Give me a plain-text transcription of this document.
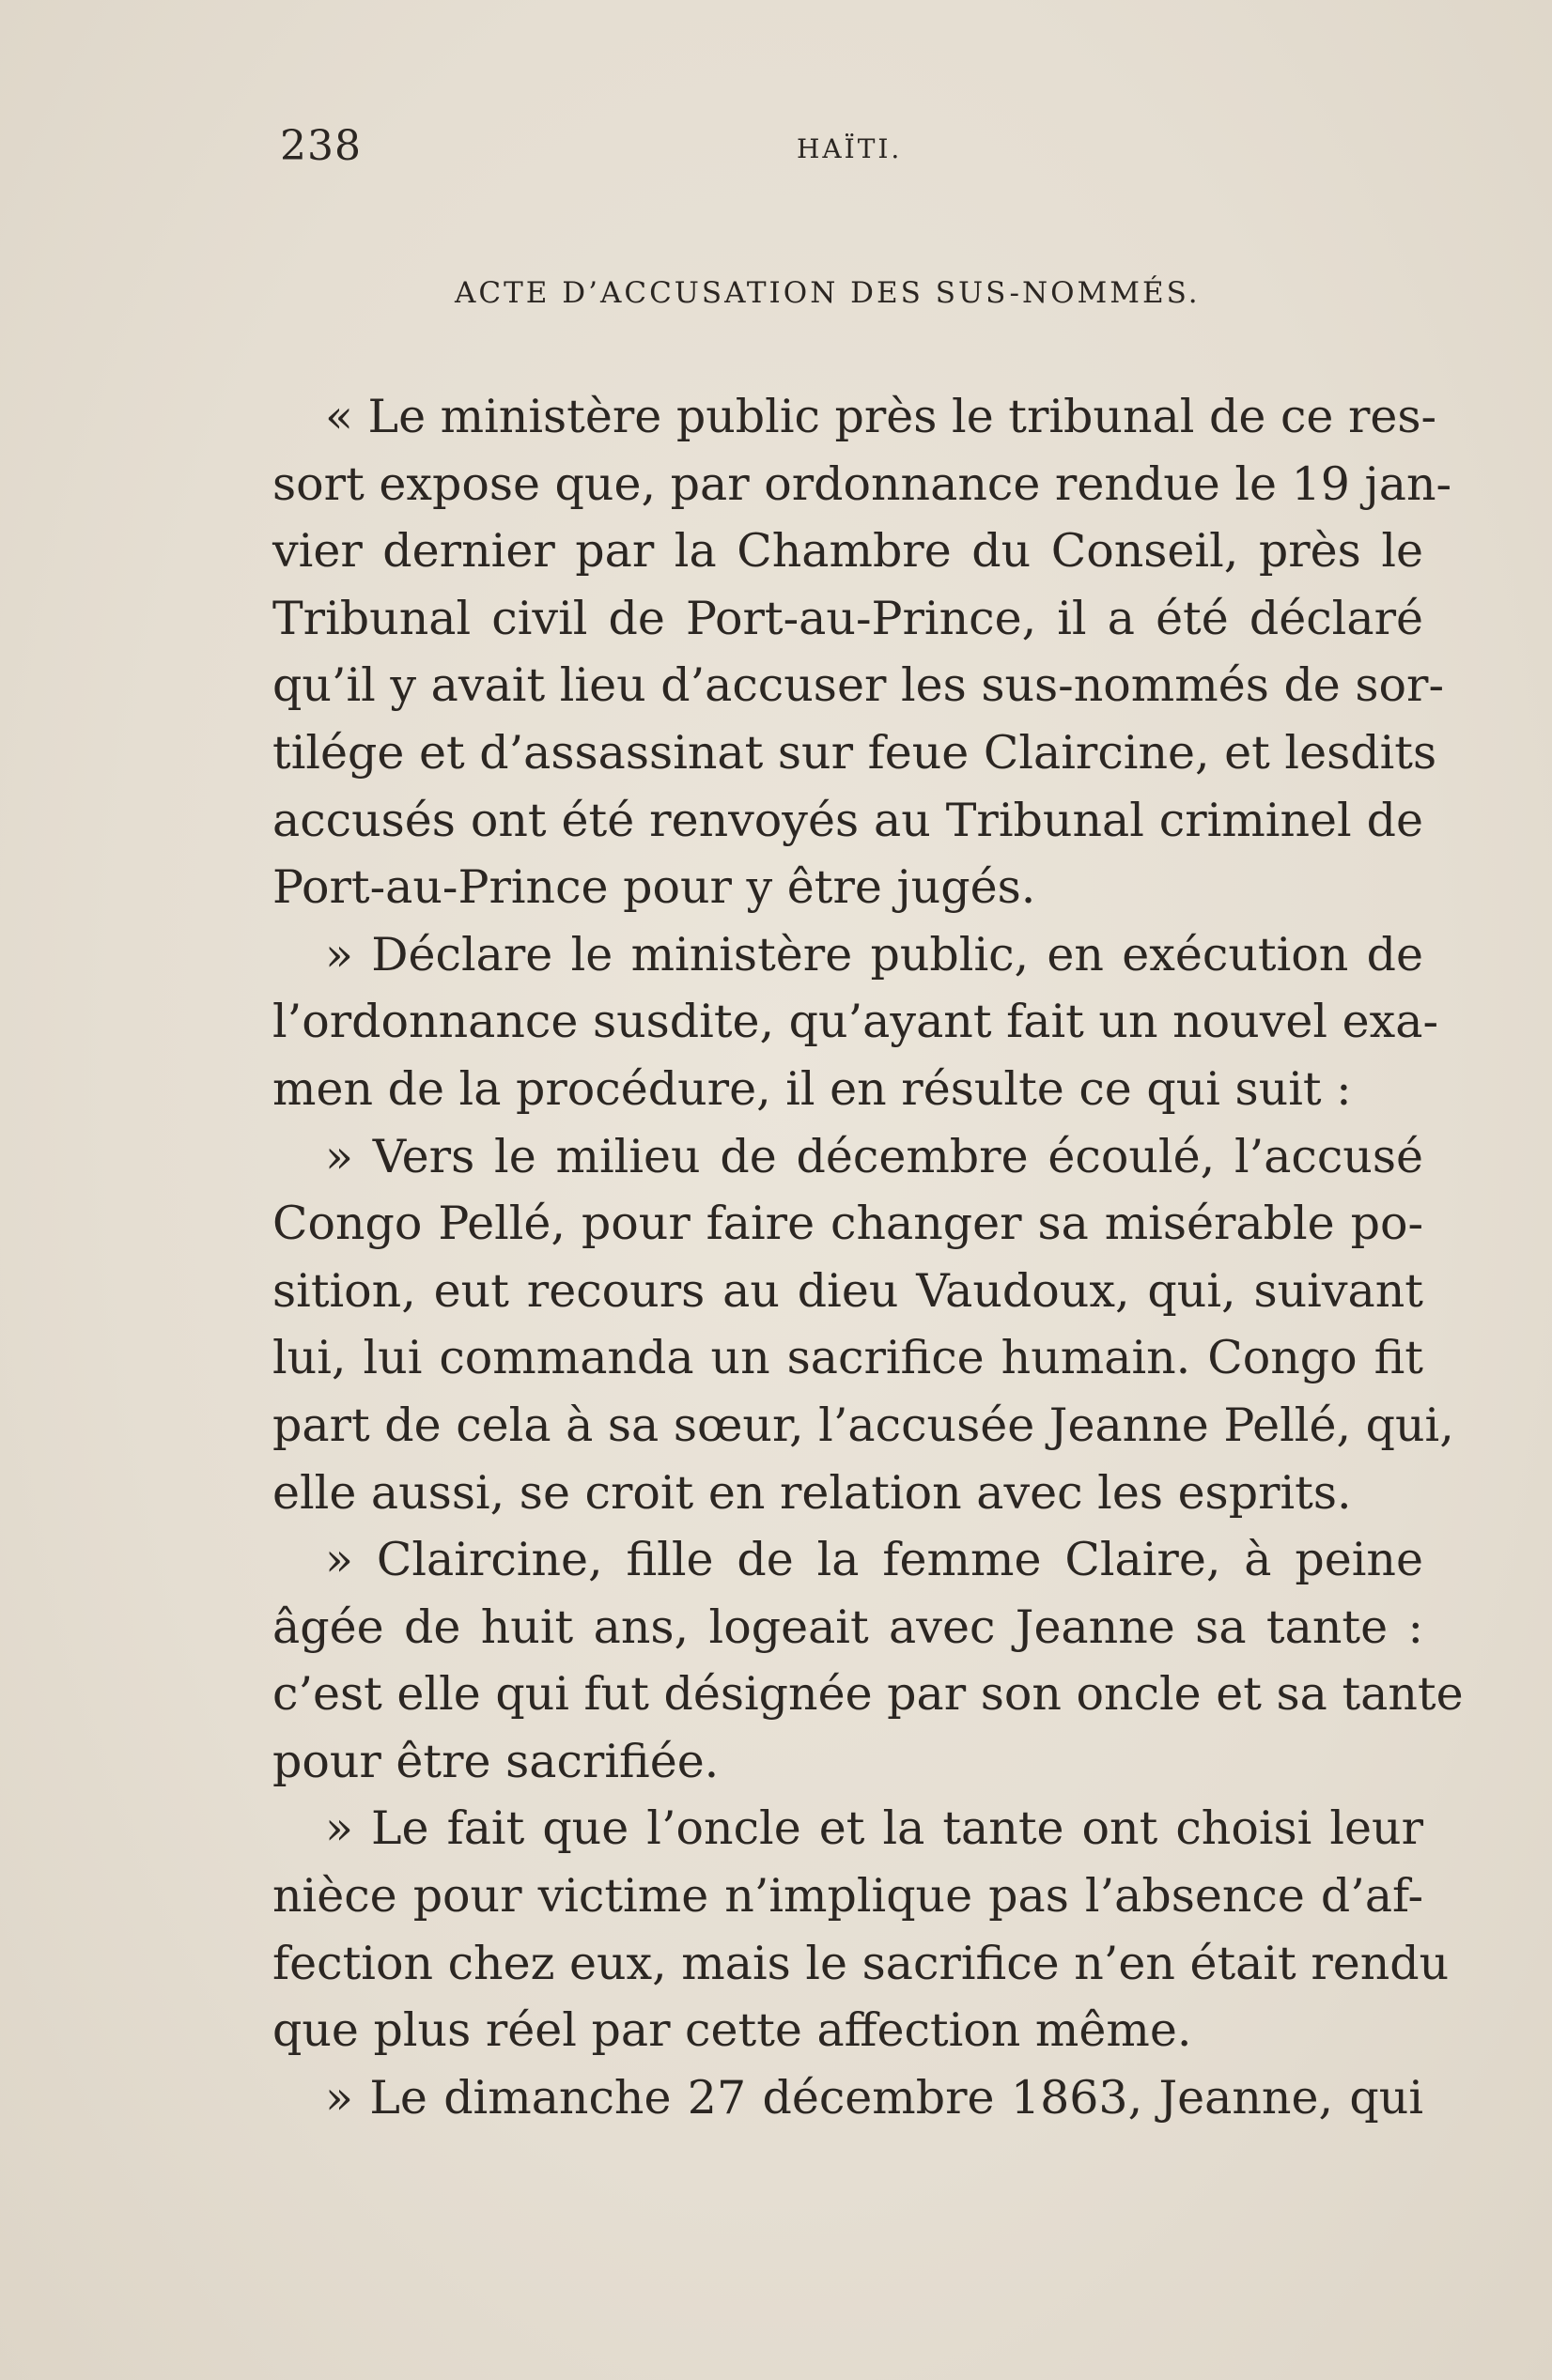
238	HAÏTI.
ACTE D’ACCUSATION DES SUS-NOMMÉS.
« Le ministère public près le tribunal de ce res-
sort expose que, par ordonnance rendue le 19 jan-
vier dernier par la Chambre du Conseil, près le
Tribunal civil de Port-au-Prince, il a été déclaré
qu’il y avait lieu d’accuser les sus-nommés de sor-
tilége et d’assassinat sur feue Claircine, et lesdits
accusés ont été renvoyés au Tribunal criminel de
Port-au-Prince pour y être jugés.
» Déclare le ministère public, en exécution de
l’ordonnance susdite, qu’ayant fait un nouvel exa-
men de la procédure, il en résulte ce qui suit :
» Vers le milieu de décembre écoulé, l’accusé
Congo Pellé, pour faire changer sa misérable po-
sition, eut recours au dieu Vaudoux, qui, suivant
lui, lui commanda un sacrifice humain. Congo fit
part de cela à sa sœur, l’accusée Jeanne Pellé, qui,
elle aussi, se croit en relation avec les esprits.
» Claircine, fille de la femme Claire, à peine
âgée de huit ans, logeait avec Jeanne sa tante :
c’est elle qui fut désignée par son oncle et sa tante
pour être sacrifiée.
» Le fait que l’oncle et la tante ont choisi leur
nièce pour victime n’implique pas l’absence d’af-
fection chez eux, mais le sacrifice n’en était rendu
que plus réel par cette affection même.
» Le dimanche 27 décembre 1863, Jeanne, qui
